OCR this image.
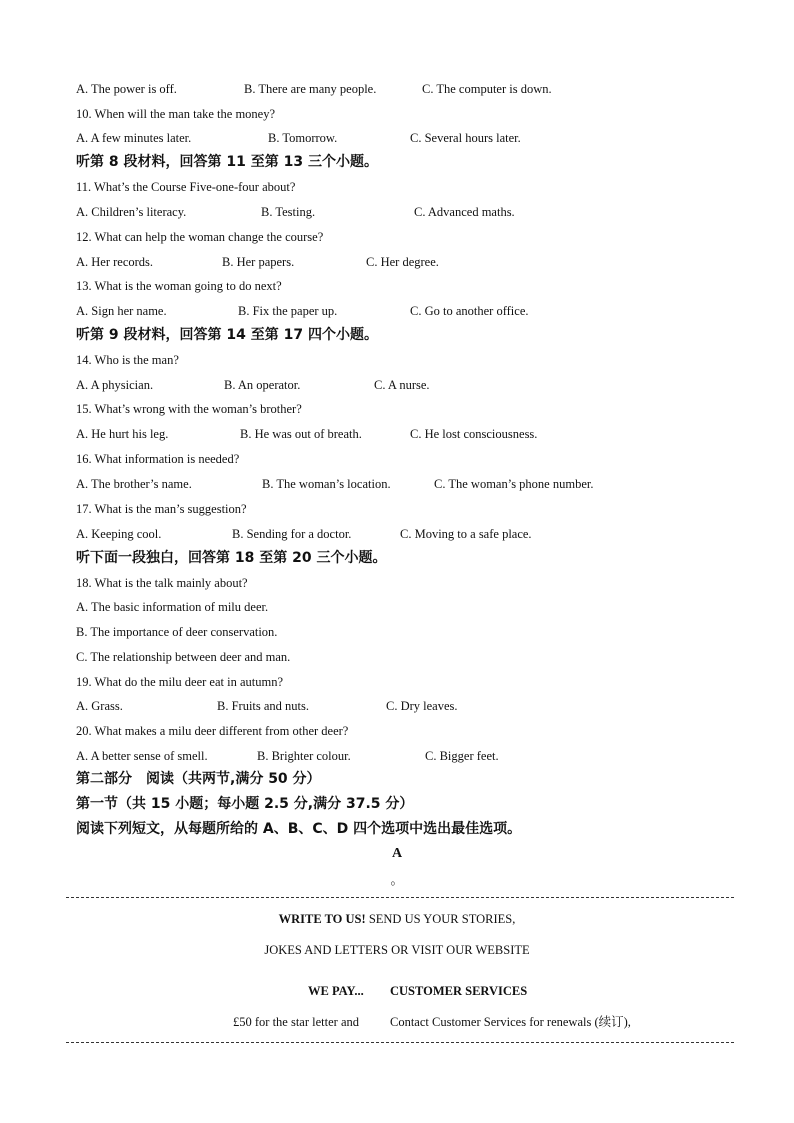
A. The power is off.	B. There are many people.	C. The computer is down.
10. When will the man take the money?
A. A few minutes later.	B. Tomorrow.	C. Several hours later.
听第 8 段材料，回答第 11 至第 13 三个小题。
11. What’s the Course Five-one-four about?
A. Children’s literacy.	B. Testing.	C. Advanced maths.
12. What can help the woman change the course?
A. Her records.	B. Her papers.	C. Her degree.
13. What is the woman going to do next?
A. Sign her name.	B. Fix the paper up.	C. Go to another office.
听第 9 段材料，回答第 14 至第 17 四个小题。
14. Who is the man?
A. A physician.	B. An operator.	C. A nurse.
15. What’s wrong with the woman’s brother?
A. He hurt his leg.	B. He was out of breath.	C. He lost consciousness.
16. What information is needed?
A. The brother’s name.	B. The woman’s location.	C. The woman’s phone number.
17. What is the man’s suggestion?
A. Keeping cool.	B. Sending for a doctor.	C. Moving to a safe place.
听下面一段独白，回答第 18 至第 20 三个小题。
18. What is the talk mainly about?
A. The basic information of milu deer.
B. The importance of deer conservation.
C. The relationship between deer and man.
19. What do the milu deer eat in autumn?
A. Grass.	B. Fruits and nuts.	C. Dry leaves.
20. What makes a milu deer different from other deer?
A. A better sense of smell.	B. Brighter colour.	C. Bigger feet.
第二部分　阅读（共两节,满分 50 分）
第一节（共 15 小题；每小题 2.5 分,满分 37.5 分）
阅读下列短文，从每题所给的 A、B、C、D 四个选项中选出最佳选项。
A
。
WRITE TO US! SEND US YOUR STORIES,
JOKES AND LETTERS OR VISIT OUR WEBSITE
WE PAY... CUSTOMER SERVICES
£50 for the star letter and Contact Customer Services for renewals (续订),
